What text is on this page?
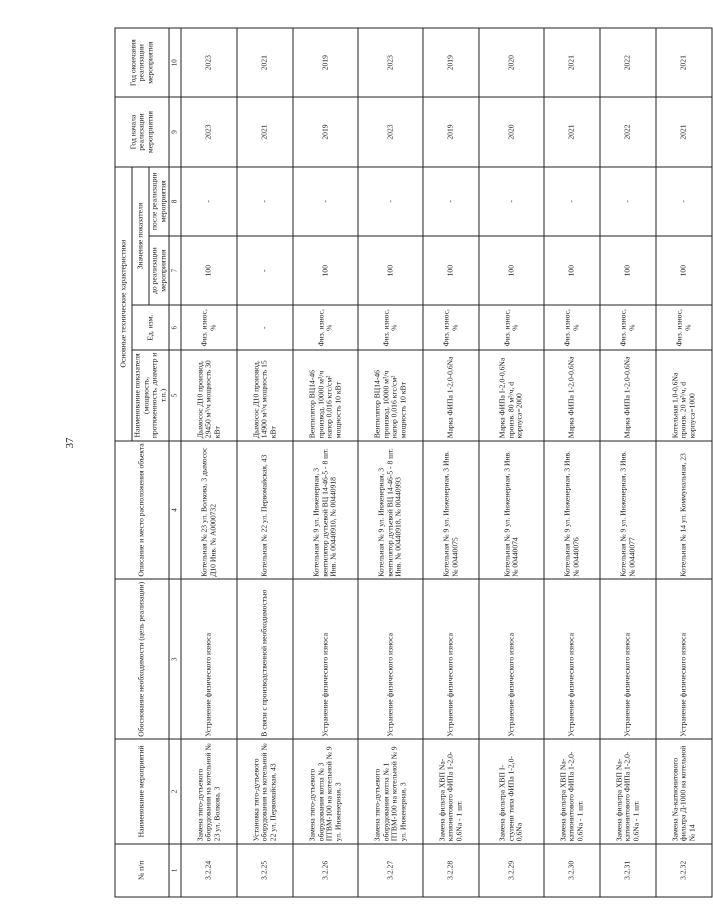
37
№ п/п	Наименование мероприятий	Обоснование необходимости (цель реализации)	Описание и место расположения объекта	Основные технические характеристики				Год начала реализации мероприятия	Год окончания реализации мероприятия
				Наименование показателя (мощность, протяженность, диаметр и т.п.)	Ед. изм.	Значение показателя			
						до реализации мероприятия	после реализации мероприятия		
1	2	3	4	5	6	7	8	9	10
3.2.24	Замена тяго-дутьевого оборудования на котельной № 23 ул. Волкова, 3	Устранение физического износа	Котельная № 23 ул. Волкова, 3 дымосос Д10 Инв. № А0000732	Дымосос Д10 производ. 29450 м³/ч мощность 30 кВт	Физ. износ, %	100	-	2023	2023
3.2.25	Установка тяго-дутьевого оборудования на котельной № 22 ул. Первомайская, 43	В связи с производственной необходимостью	Котельная № 22 ул. Первомайская, 43	Дымосос Д10 производ. 14900 м³/ч мощность 15 кВт	-	-	-	2021	2021
3.2.26	Замена тяго-дутьевого оборудования котла № 3 ПТВМ-100 на котельной № 9 ул. Инженерная, 3	Устранение физического износа	Котельная № 9 ул. Инженерная, 3 вентилятор дутьевой ВЦ 14-46-5 - 8 шт. Инв. № 00440910, № 00440918	Вентилятор ВЦ14-46 производ. 10000 м³/ч напор 0,016 кгс/см² мощность 10 кВт	Физ. износ, %	100	-	2019	2019
3.2.27	Замена тяго-дутьевого оборудования котла № 1 ПТВМ-100 на котельной № 9 ул. Инженерная, 3	Устранение физического износа	Котельная № 9 ул. Инженерная, 3 вентилятор дутьевой ВЦ 14-46-5 - 8 шт. Инв. № 00440918, № 00440993	Вентилятор ВЦ14-46 производ. 10000 м³/ч напор 0,016 кгс/см² мощность 10 кВт	Физ. износ, %	100	-	2023	2023
3.2.28	Замена фильтра ХВП Na-катионитового ФИПа 1-2,0-0,6Na - 1 шт.	Устранение физического износа	Котельная № 9 ул. Инженерная, 3 Инв. № 00440075	Марка ФИПа 1-2,0-0,6Na	Физ. износ, %	100	-	2019	2019
3.2.29	Замена фильтра ХВП I-ступени типа ФИПа 1-2,0-0,6Na	Устранение физического износа	Котельная № 9 ул. Инженерная, 3 Инв. № 00440074	Марка ФИПа I-2,0-0,6Na произв. 80 м³/ч, d корпуса=2000	Физ. износ, %	100	-	2020	2020
3.2.30	Замена фильтра ХВП Na-катионитового ФИПа 1-2,0-0,6Na - 1 шт.	Устранение физического износа	Котельная № 9 ул. Инженерная, 3 Инв. № 00440076	Марка ФИПа 1-2,0-0,6Na	Физ. износ, %	100	-	2021	2021
3.2.31	Замена фильтра ХВП Na-катионитового ФИПа 1-2,0-0,6Na - 1 шт.	Устранение физического износа	Котельная № 9 ул. Инженерная, 3 Инв. № 00440077	Марка ФИПа 1-2,0-0,6Na	Физ. износ, %	100	-	2022	2022
3.2.32	Замена Na-катионитового фильтра Д-1000 на котельной № 14	Устранение физического износа	Котельная № 14 ул. Коммунальная, 23	Котельная 1,0-0,6Na произв. 20 м³/ч, d корпуса=1000	Физ. износ, %	100	-	2021	2021
